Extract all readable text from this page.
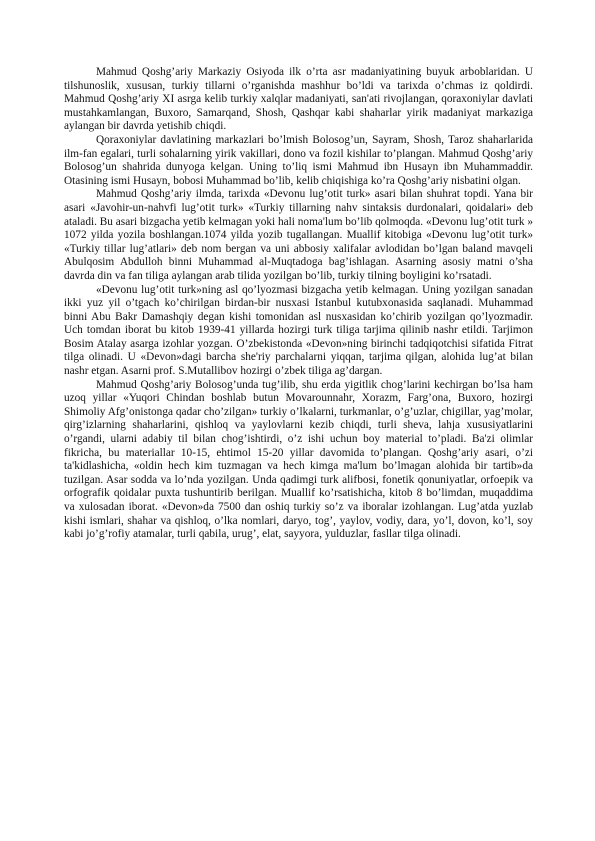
​

Mahmud Qoshg’ariy Markaziy Osiyoda ilk o’rta asr madaniyatining buyuk arboblaridan. U tilshunoslik, xususan, turkiy tillarni o’rganishda mashhur bo’ldi va tarixda o’chmas iz qoldirdi. Mahmud Qoshg’ariy XI asrga kelib turkiy xalqlar madaniyati, san'ati rivojlangan, qoraxoniylar davlati mustahkamlangan, Buxoro, Samarqand, Shosh, Qashqar kabi shaharlar yirik madaniyat markaziga aylangan bir davrda yetishib chiqdi.

Qoraxoniylar davlatining markazlari bo’lmish Bolosog’un, Sayram, Shosh, Taroz shaharlarida ilm-fan egalari, turli sohalarning yirik vakillari, dono va fozil kishilar to’plangan. Mahmud Qoshg’ariy Bolosog’un shahrida dunyoga kelgan. Uning to’liq ismi Mahmud ibn Husayn ibn Muhammaddir. Otasining ismi Husayn, bobosi Muhammad bo’lib, kelib chiqishiga ko’ra Qoshg’ariy nisbatini olgan.

Mahmud Qoshg’ariy ilmda, tarixda «Devonu lug’otit turk» asari bilan shuhrat topdi. Yana bir asari «Javohir-un-nahvfi lug’otit turk» «Turkiy tillarning nahv sintaksis durdonalari, qoidalari» deb ataladi. Bu asari bizgacha yetib kelmagan yoki hali noma'lum bo’lib qolmoqda. «Devonu lug’otit turk » 1072 yilda yozila boshlangan.1074 yilda yozib tugallangan. Muallif kitobiga «Devonu lug’otit turk» «Turkiy tillar lug’atlari» deb nom bergan va uni abbosiy xalifalar avlodidan bo’lgan baland mavqeli Abulqosim Abdulloh binni Muhammad al-Muqtadoga bag’ishlagan. Asarning asosiy matni o’sha davrda din va fan tiliga aylangan arab tilida yozilgan bo’lib, turkiy tilning boyligini ko’rsatadi.

«Devonu lug’otit turk»ning asl qo’lyozmasi bizgacha yetib kelmagan. Uning yozilgan sanadan ikki yuz yil o’tgach ko’chirilgan birdan-bir nusxasi Istanbul kutubxonasida saqlanadi. Muhammad binni Abu Bakr Damashqiy degan kishi tomonidan asl nusxasidan ko’chirib yozilgan qo’lyozmadir. Uch tomdan iborat bu kitob 1939-41 yillarda hozirgi turk tiliga tarjima qilinib nashr etildi. Tarjimon Bosim Atalay asarga izohlar yozgan. O’zbekistonda «Devon»ning birinchi tadqiqotchisi sifatida Fitrat tilga olinadi. U «Devon»dagi barcha she'riy parchalarni yiqqan, tarjima qilgan, alohida lug’at bilan nashr etgan. Asarni prof. S.Mutallibov hozirgi o’zbek tiliga ag’dargan.

Mahmud Qoshg’ariy Bolosog’unda tug’ilib, shu erda yigitlik chog’larini kechirgan bo’lsa ham uzoq yillar «Yuqori Chindan boshlab butun Movarounnahr, Xorazm, Farg’ona, Buxoro, hozirgi Shimoliy Afg’onistonga qadar cho’zilgan» turkiy o’lkalarni, turkmanlar, o’g’uzlar, chigillar, yag’molar, qirg’izlarning shaharlarini, qishloq va yaylovlarni kezib chiqdi, turli sheva, lahja xususiyatlarini o’rgandi, ularni adabiy til bilan chog’ishtirdi, o’z ishi uchun boy material to’pladi. Ba'zi olimlar fikricha, bu materiallar 10-15, ehtimol 15-20 yillar davomida to’plangan. Qoshg’ariy asari, o’zi ta'kidlashicha, «oldin hech kim tuzmagan va hech kimga ma'lum bo’lmagan alohida bir tartib»da tuzilgan. Asar sodda va lo’nda yozilgan. Unda qadimgi turk alifbosi, fonetik qonuniyatlar, orfoepik va orfografik qoidalar puxta tushuntirib berilgan. Muallif ko’rsatishicha, kitob 8 bo’limdan, muqaddima va xulosadan iborat. «Devon»da 7500 dan oshiq turkiy so’z va iboralar izohlangan. Lug’atda yuzlab kishi ismlari, shahar va qishloq, o’lka nomlari, daryo, tog’, yaylov, vodiy, dara, yo’l, dovon, ko’l, soy kabi jo’g’rofiy atamalar, turli qabila, urug’, elat, sayyora, yulduzlar, fasllar tilga olinadi.
